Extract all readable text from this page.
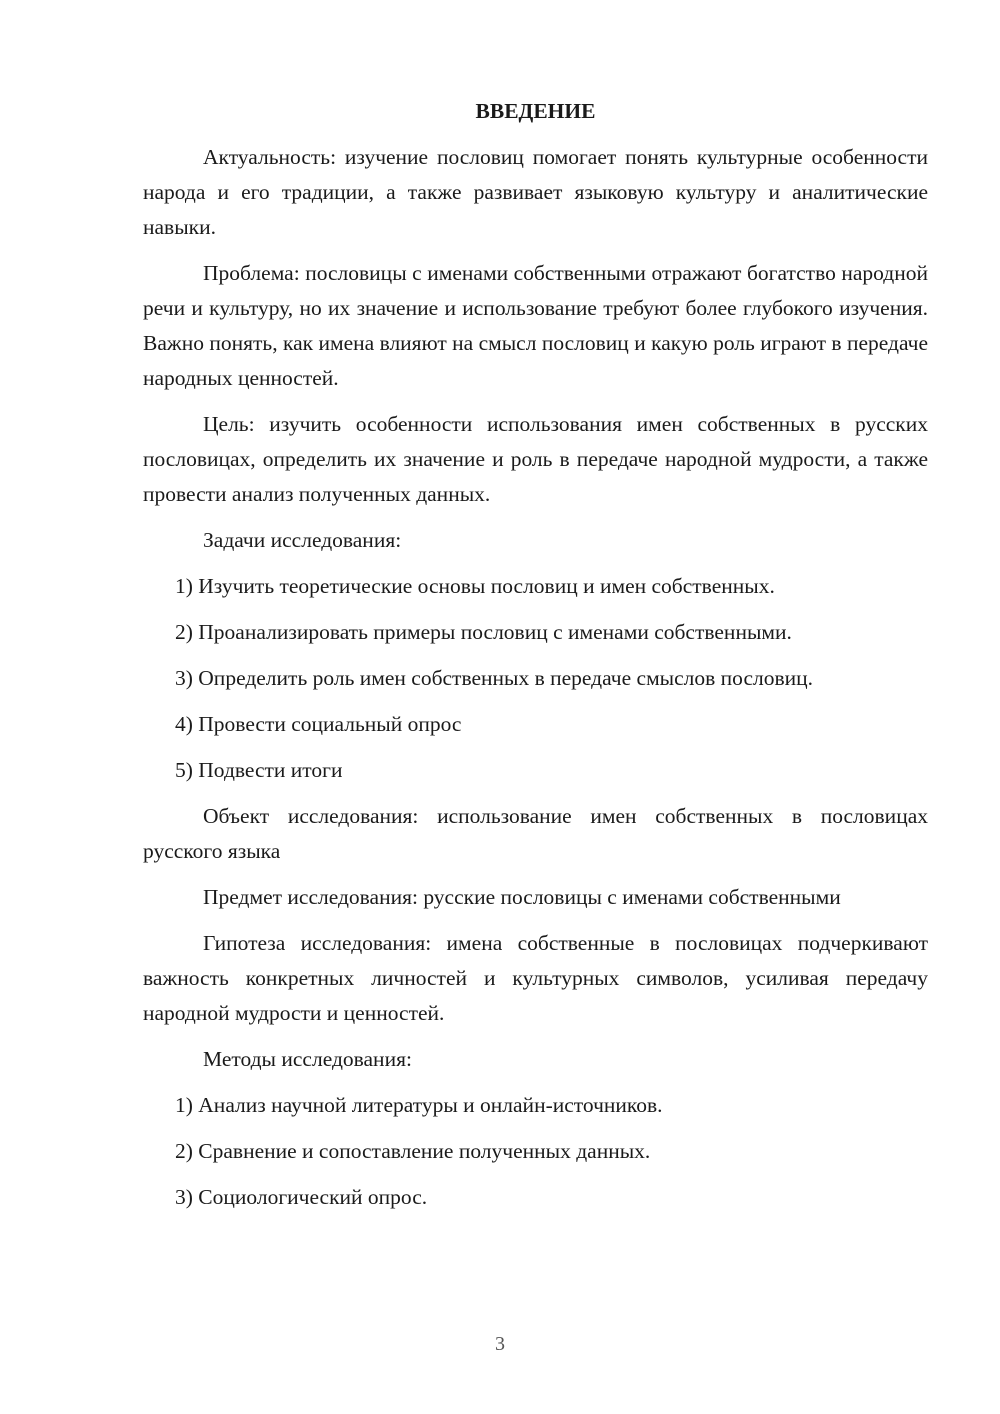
ВВЕДЕНИЕ

Актуальность: изучение пословиц помогает понять культурные особенности народа и его традиции, а также развивает языковую культуру и аналитические навыки.

Проблема: пословицы с именами собственными отражают богатство народной речи и культуру, но их значение и использование требуют более глубокого изучения. Важно понять, как имена влияют на смысл пословиц и какую роль играют в передаче народных ценностей.

Цель: изучить особенности использования имен собственных в русских пословицах, определить их значение и роль в передаче народной мудрости, а также провести анализ полученных данных.

Задачи исследования:

1) Изучить теоретические основы пословиц и имен собственных.
2) Проанализировать примеры пословиц с именами собственными.
3) Определить роль имен собственных в передаче смыслов пословиц.
4) Провести социальный опрос
5) Подвести итоги

Объект исследования: использование имен собственных в пословицах русского языка

Предмет исследования: русские пословицы с именами собственными

Гипотеза исследования: имена собственные в пословицах подчеркивают важность конкретных личностей и культурных символов, усиливая передачу народной мудрости и ценностей.

Методы исследования:

1) Анализ научной литературы и онлайн-источников.
2) Сравнение и сопоставление полученных данных.
3) Социологический опрос.
3
